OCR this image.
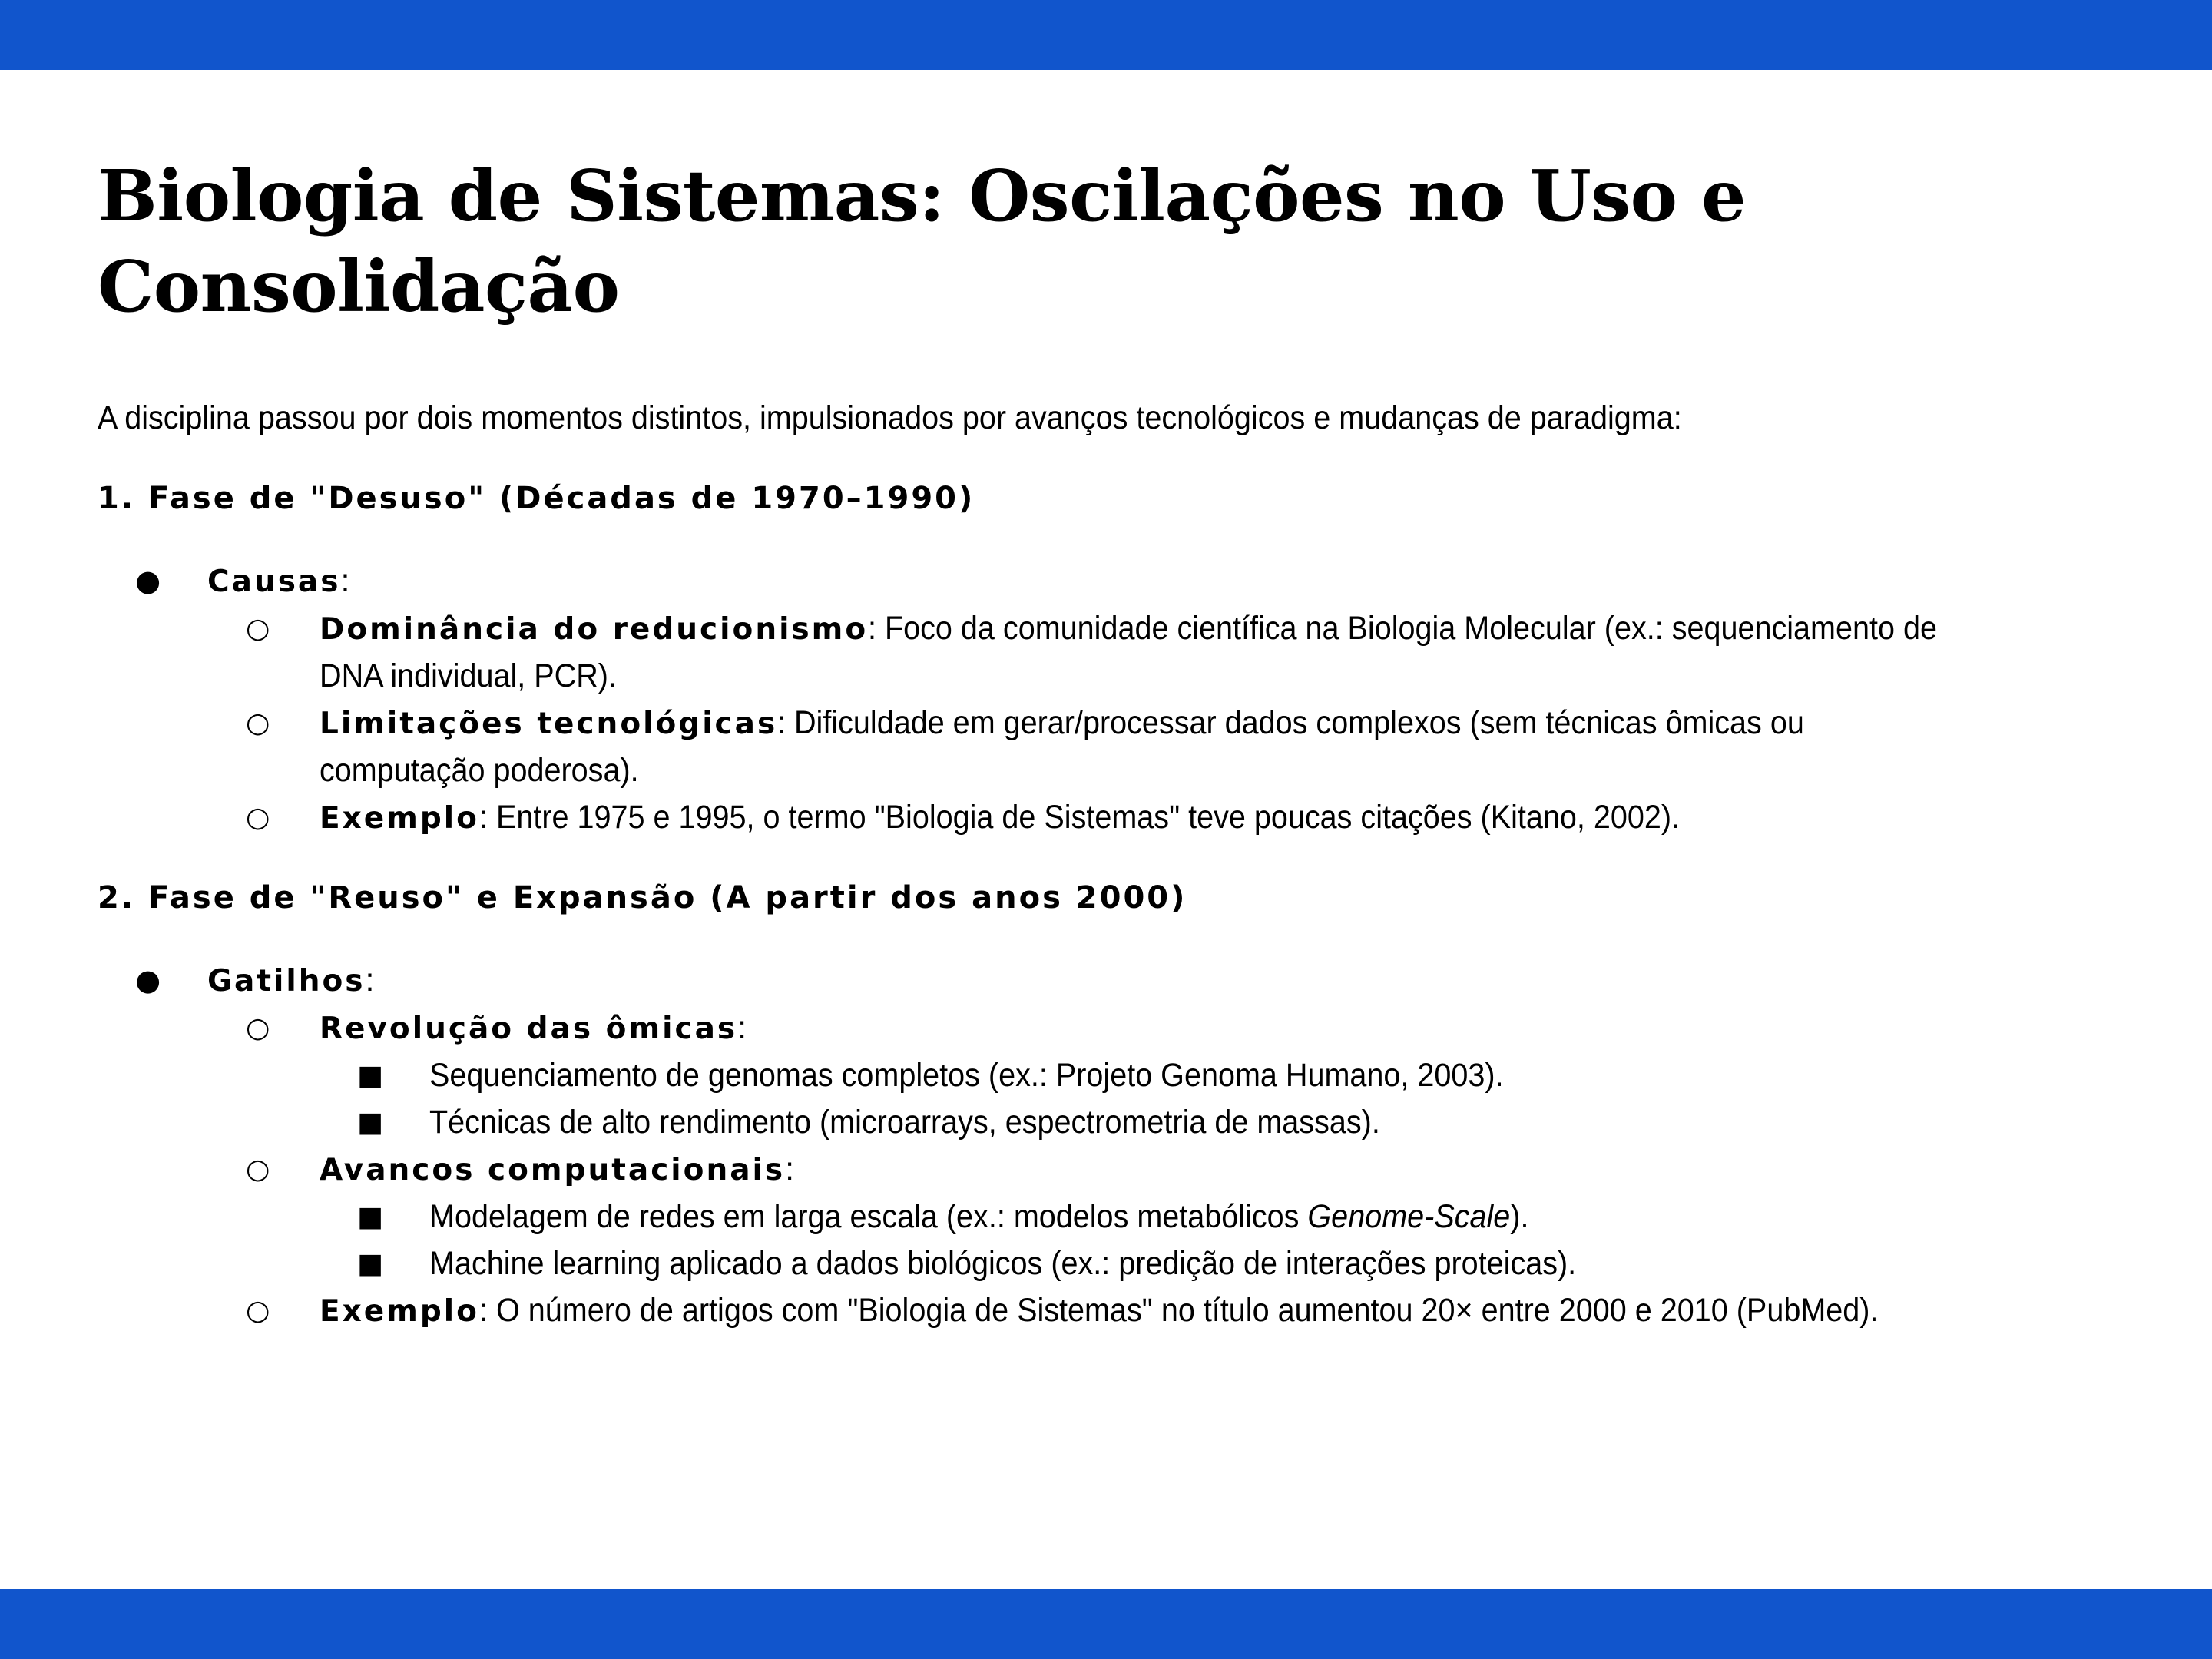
Biologia de Sistemas: Oscilações no Uso e
Consolidação

A disciplina passou por dois momentos distintos, impulsionados por avanços tecnológicos e mudanças de paradigma:

1. Fase de "Desuso" (Décadas de 1970–1990)
● Causas:
○ Dominância do reducionismo: Foco da comunidade científica na Biologia Molecular (ex.: sequenciamento de
DNA individual, PCR).
○ Limitações tecnológicas: Dificuldade em gerar/processar dados complexos (sem técnicas ômicas ou
computação poderosa).
○ Exemplo: Entre 1975 e 1995, o termo "Biologia de Sistemas" teve poucas citações (Kitano, 2002).
2. Fase de "Reuso" e Expansão (A partir dos anos 2000)
● Gatilhos:
○ Revolução das ômicas:
■ Sequenciamento de genomas completos (ex.: Projeto Genoma Humano, 2003).
■ Técnicas de alto rendimento (microarrays, espectrometria de massas).
○ Avancos computacionais:
■ Modelagem de redes em larga escala (ex.: modelos metabólicos Genome-Scale).
■ Machine learning aplicado a dados biológicos (ex.: predição de interações proteicas).
○ Exemplo: O número de artigos com "Biologia de Sistemas" no título aumentou 20× entre 2000 e 2010 (PubMed).
